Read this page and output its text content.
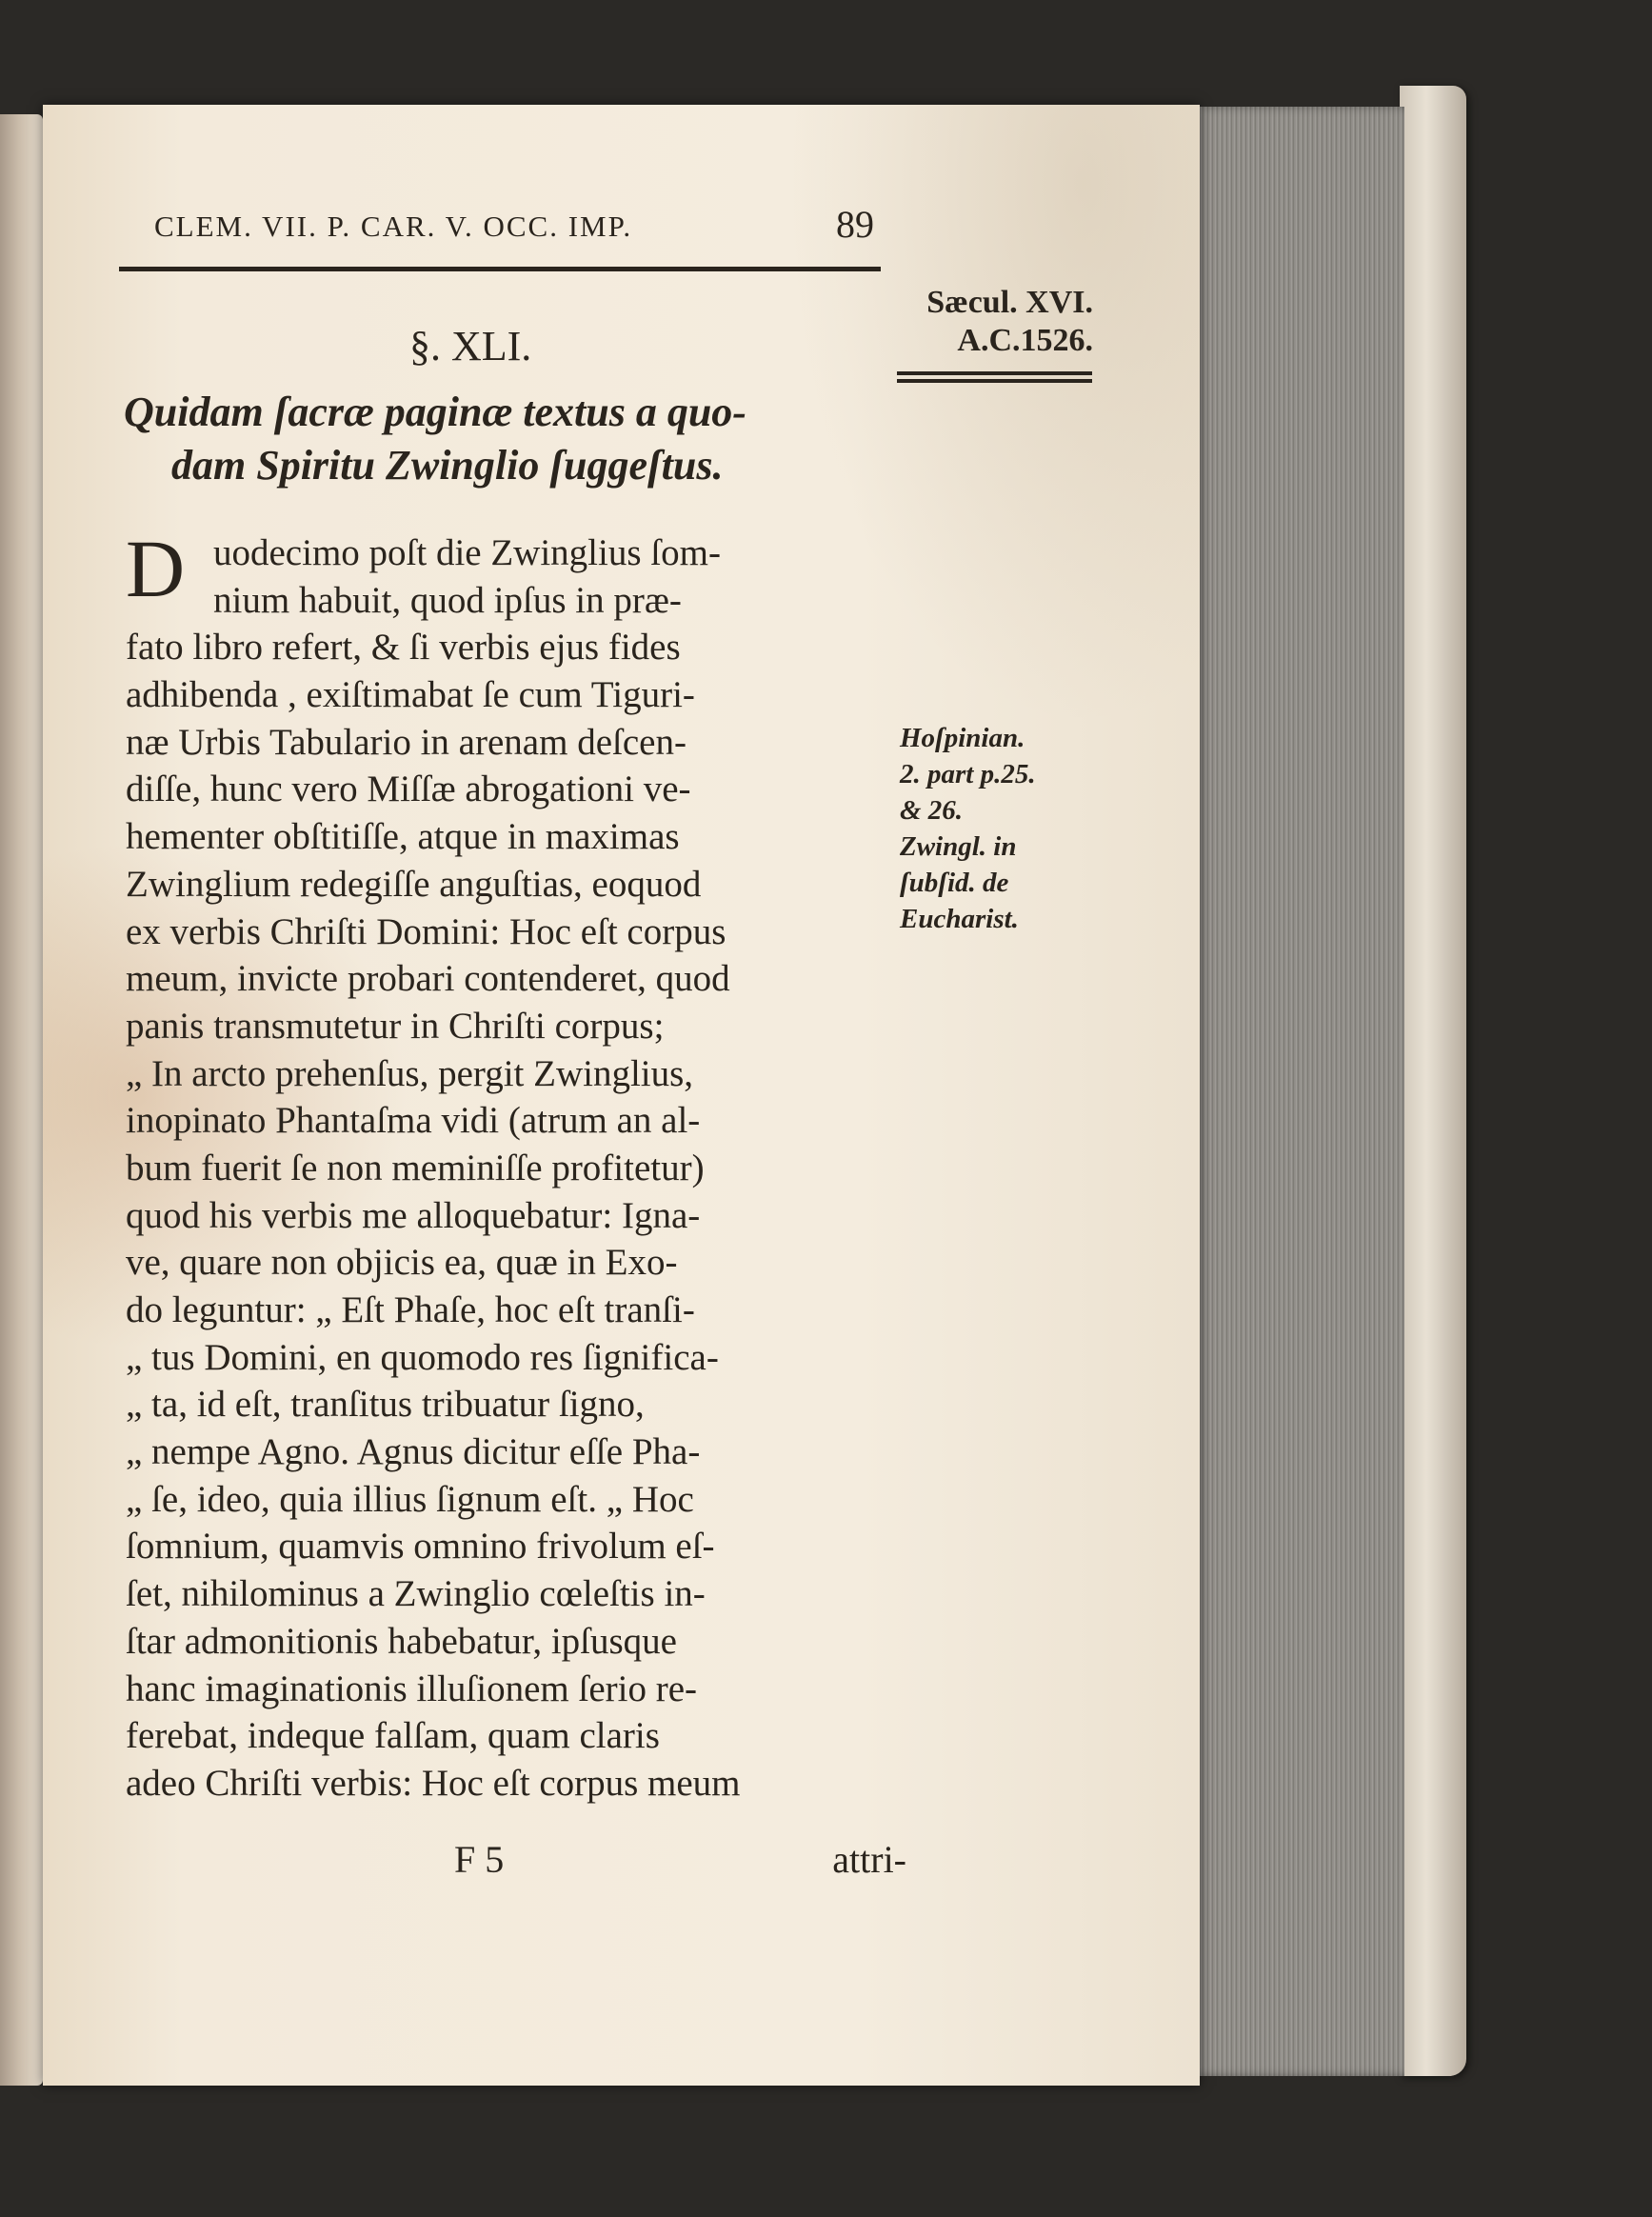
CLEM. VII. P. CAR. V. OCC. IMP.	89
Sæcul. XVI.
A.C.1526.
§. XLI.
Quidam ſacræ paginæ textus a quo-
dam Spiritu Zwinglio ſuggeſtus.
D uodecimo poſt die Zwinglius ſom-
nium habuit, quod ipſus in præ-
fato libro refert, & ſi verbis ejus fides
adhibenda , exiſtimabat ſe cum Tiguri-
næ Urbis Tabulario in arenam deſcen-
diſſe, hunc vero Miſſæ abrogationi ve-
hementer obſtitiſſe, atque in maximas
Zwinglium redegiſſe anguſtias, eoquod
ex verbis Chriſti Domini: Hoc eſt corpus
meum, invicte probari contenderet, quod
panis transmutetur in Chriſti corpus;
„ In arcto prehenſus, pergit Zwinglius,
inopinato Phantaſma vidi (atrum an al-
bum fuerit ſe non meminiſſe profitetur)
quod his verbis me alloquebatur: Igna-
ve, quare non objicis ea, quæ in Exo-
do leguntur: „ Eſt Phaſe, hoc eſt tranſi-
„ tus Domini, en quomodo res ſignifica-
„ ta, id eſt, tranſitus tribuatur ſigno,
„ nempe Agno. Agnus dicitur eſſe Pha-
„ ſe, ideo, quia illius ſignum eſt. „ Hoc
ſomnium, quamvis omnino frivolum eſ-
ſet, nihilominus a Zwinglio cœleſtis in-
ſtar admonitionis habebatur, ipſusque
hanc imaginationis illuſionem ſerio re-
ferebat, indeque falſam, quam claris
adeo Chriſti verbis: Hoc eſt corpus meum
Hoſpinian.
2. part p.25.
& 26.
Zwingl. in
ſubſid. de
Eucharist.
F 5	attri-
